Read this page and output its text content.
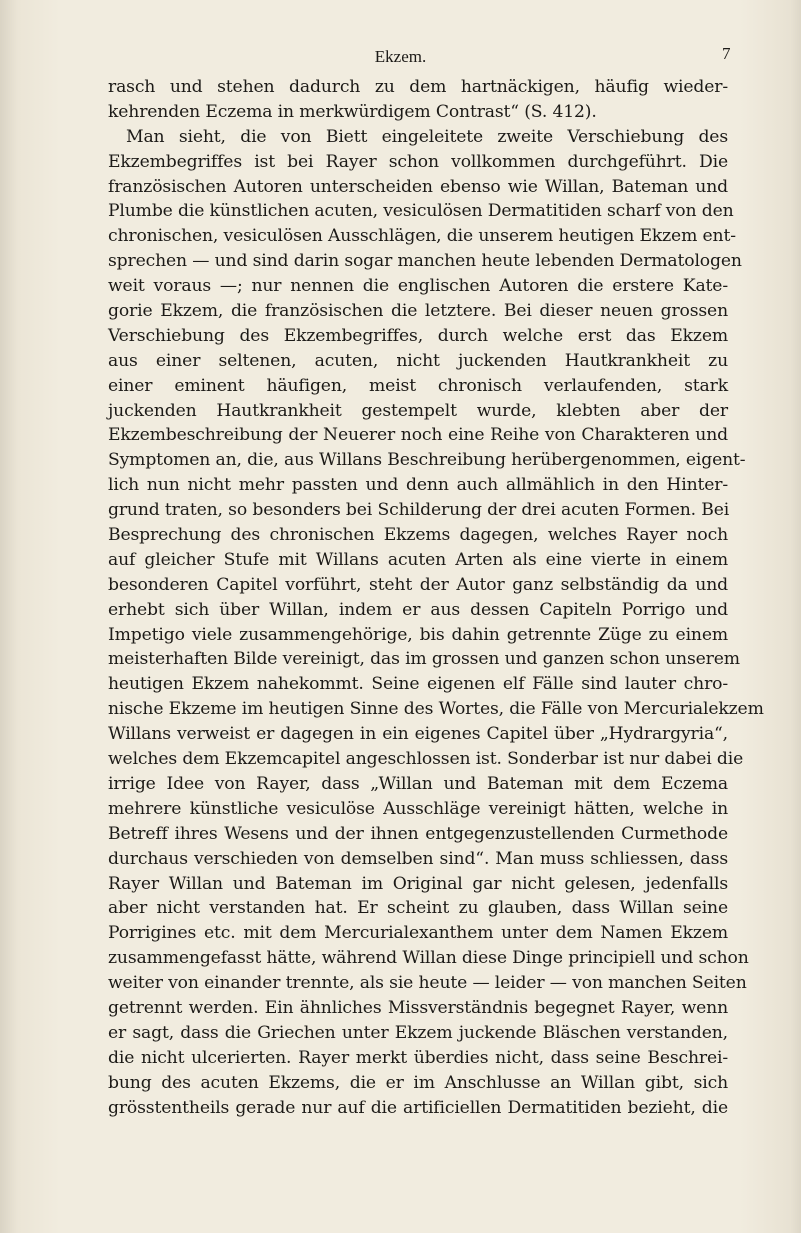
Ekzem.	7
rasch und stehen dadurch zu dem hartnäckigen, häufig wieder-
kehrenden Eczema in merkwürdigem Contrast“ (S. 412).
Man sieht, die von Biett eingeleitete zweite Verschiebung des
Ekzembegriffes ist bei Rayer schon vollkommen durchgeführt. Die
französischen Autoren unterscheiden ebenso wie Willan, Bateman und
Plumbe die künstlichen acuten, vesiculösen Dermatitiden scharf von den
chronischen, vesiculösen Ausschlägen, die unserem heutigen Ekzem ent-
sprechen — und sind darin sogar manchen heute lebenden Dermatologen
weit voraus —; nur nennen die englischen Autoren die erstere Kate-
gorie Ekzem, die französischen die letztere. Bei dieser neuen grossen
Verschiebung des Ekzembegriffes, durch welche erst das Ekzem
aus einer seltenen, acuten, nicht juckenden Hautkrankheit zu
einer eminent häufigen, meist chronisch verlaufenden, stark
juckenden Hautkrankheit gestempelt wurde, klebten aber der
Ekzembeschreibung der Neuerer noch eine Reihe von Charakteren und
Symptomen an, die, aus Willans Beschreibung herübergenommen, eigent-
lich nun nicht mehr passten und denn auch allmählich in den Hinter-
grund traten, so besonders bei Schilderung der drei acuten Formen. Bei
Besprechung des chronischen Ekzems dagegen, welches Rayer noch
auf gleicher Stufe mit Willans acuten Arten als eine vierte in einem
besonderen Capitel vorführt, steht der Autor ganz selbständig da und
erhebt sich über Willan, indem er aus dessen Capiteln Porrigo und
Impetigo viele zusammengehörige, bis dahin getrennte Züge zu einem
meisterhaften Bilde vereinigt, das im grossen und ganzen schon unserem
heutigen Ekzem nahekommt. Seine eigenen elf Fälle sind lauter chro-
nische Ekzeme im heutigen Sinne des Wortes, die Fälle von Mercurialekzem
Willans verweist er dagegen in ein eigenes Capitel über „Hydrargyria“,
welches dem Ekzemcapitel angeschlossen ist. Sonderbar ist nur dabei die
irrige Idee von Rayer, dass „Willan und Bateman mit dem Eczema
mehrere künstliche vesiculöse Ausschläge vereinigt hätten, welche in
Betreff ihres Wesens und der ihnen entgegenzustellenden Curmethode
durchaus verschieden von demselben sind“. Man muss schliessen, dass
Rayer Willan und Bateman im Original gar nicht gelesen, jedenfalls
aber nicht verstanden hat. Er scheint zu glauben, dass Willan seine
Porrigines etc. mit dem Mercurialexanthem unter dem Namen Ekzem
zusammengefasst hätte, während Willan diese Dinge principiell und schon
weiter von einander trennte, als sie heute — leider — von manchen Seiten
getrennt werden. Ein ähnliches Missverständnis begegnet Rayer, wenn
er sagt, dass die Griechen unter Ekzem juckende Bläschen verstanden,
die nicht ulcerierten. Rayer merkt überdies nicht, dass seine Beschrei-
bung des acuten Ekzems, die er im Anschlusse an Willan gibt, sich
grösstentheils gerade nur auf die artificiellen Dermatitiden bezieht, die
